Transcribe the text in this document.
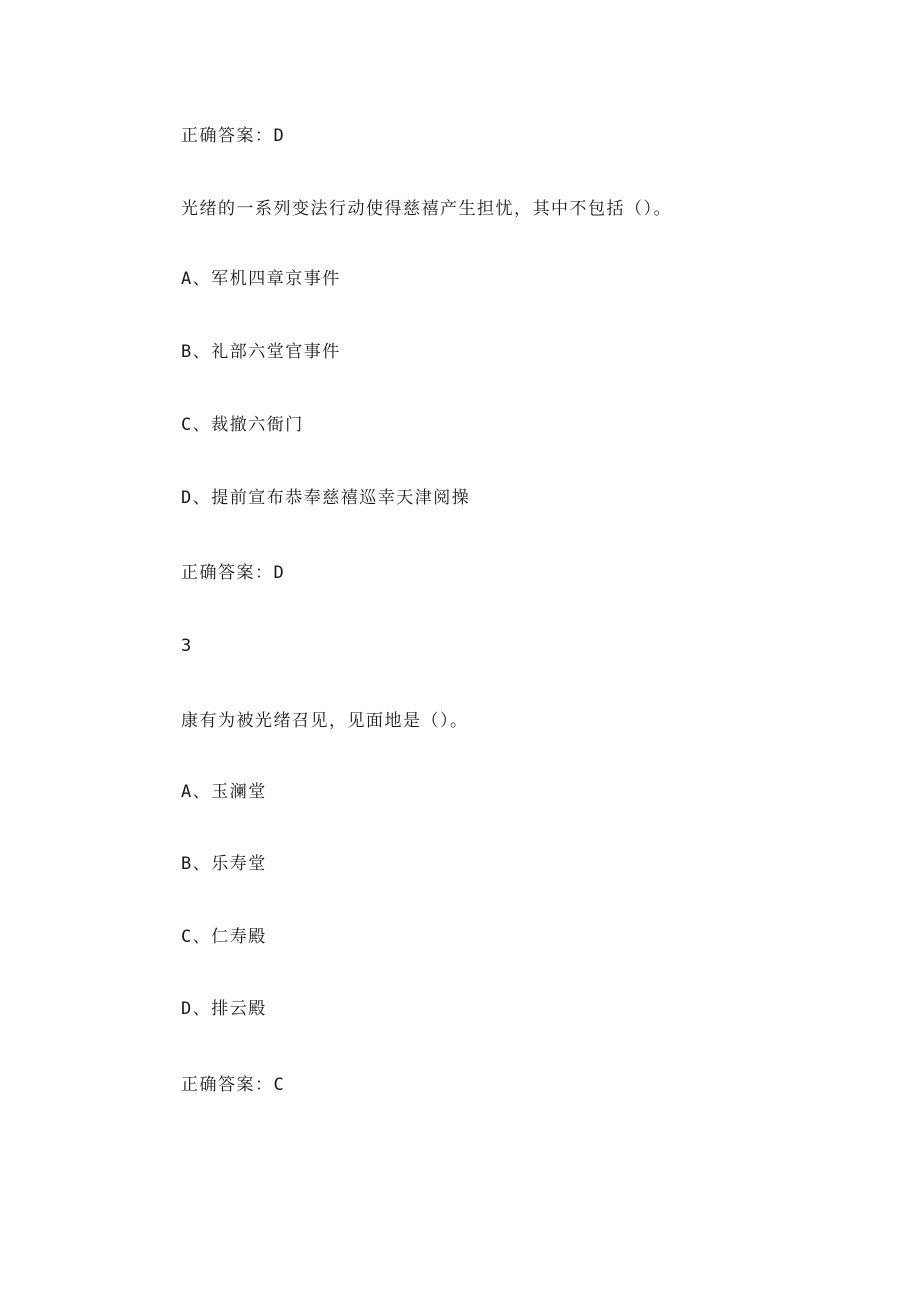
正确答案：D
光绪的一系列变法行动使得慈禧产生担忧，其中不包括（）。
A、军机四章京事件
B、礼部六堂官事件
C、裁撤六衙门
D、提前宣布恭奉慈禧巡幸天津阅操
正确答案：D
3
康有为被光绪召见，见面地是（）。
A、玉澜堂
B、乐寿堂
C、仁寿殿
D、排云殿
正确答案：C
